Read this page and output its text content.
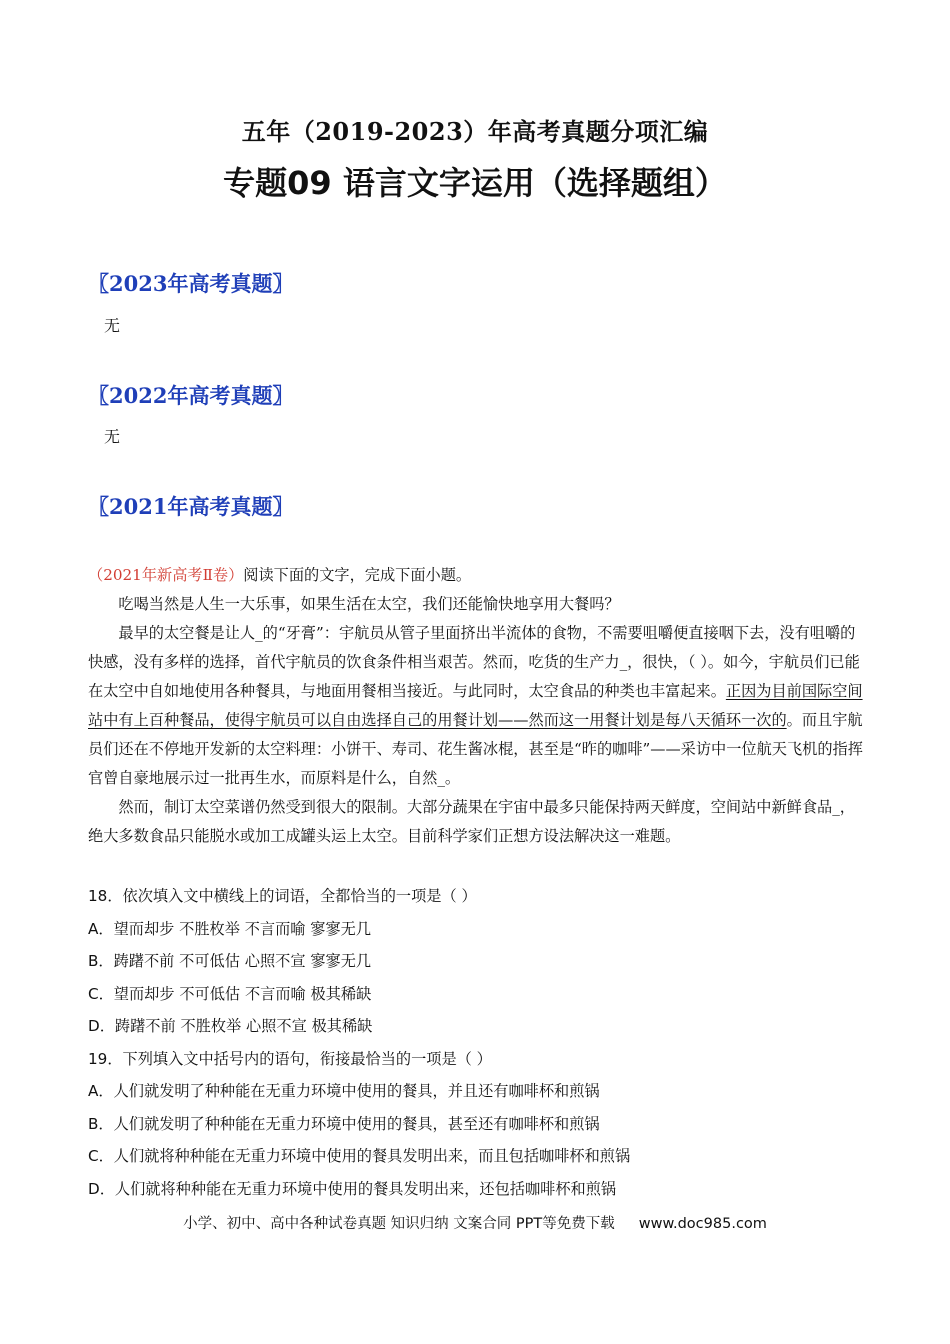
五年（2019-2023）年高考真题分项汇编
专题09 语言文字运用（选择题组）
〖2023年高考真题〗
无
〖2022年高考真题〗
无
〖2021年高考真题〗

（2021年新高考Ⅱ卷）阅读下面的文字，完成下面小题。

吃喝当然是人生一大乐事，如果生活在太空，我们还能愉快地享用大餐吗？

最早的太空餐是让人_的“牙膏”：宇航员从管子里面挤出半流体的食物，不需要咀嚼便直接咽下去，没有咀嚼的快感，没有多样的选择，首代宇航员的饮食条件相当艰苦。然而，吃货的生产力_，很快，（ ）。如今，宇航员们已能在太空中自如地使用各种餐具，与地面用餐相当接近。与此同时，太空食品的种类也丰富起来。正因为目前国际空间站中有上百种餐品，使得宇航员可以自由选择自己的用餐计划——然而这一用餐计划是每八天循环一次的。而且宇航员们还在不停地开发新的太空料理：小饼干、寿司、花生酱冰棍，甚至是“昨的咖啡”——采访中一位航天飞机的指挥官曾自豪地展示过一批再生水，而原料是什么，自然_。

然而，制订太空菜谱仍然受到很大的限制。大部分蔬果在宇宙中最多只能保持两天鲜度，空间站中新鲜食品_，绝大多数食品只能脱水或加工成罐头运上太空。目前科学家们正想方设法解决这一难题。

18．依次填入文中横线上的词语，全都恰当的一项是（ ）
A．望而却步 不胜枚举 不言而喻 寥寥无几
B．踌躇不前 不可低估 心照不宣 寥寥无几
C．望而却步 不可低估 不言而喻 极其稀缺
D．踌躇不前 不胜枚举 心照不宣 极其稀缺
19．下列填入文中括号内的语句，衔接最恰当的一项是（ ）
A．人们就发明了种种能在无重力环境中使用的餐具，并且还有咖啡杯和煎锅
B．人们就发明了种种能在无重力环境中使用的餐具，甚至还有咖啡杯和煎锅
C．人们就将种种能在无重力环境中使用的餐具发明出来，而且包括咖啡杯和煎锅
D．人们就将种种能在无重力环境中使用的餐具发明出来，还包括咖啡杯和煎锅
小学、初中、高中各种试卷真题 知识归纳 文案合同 PPT等免费下载 www.doc985.com
